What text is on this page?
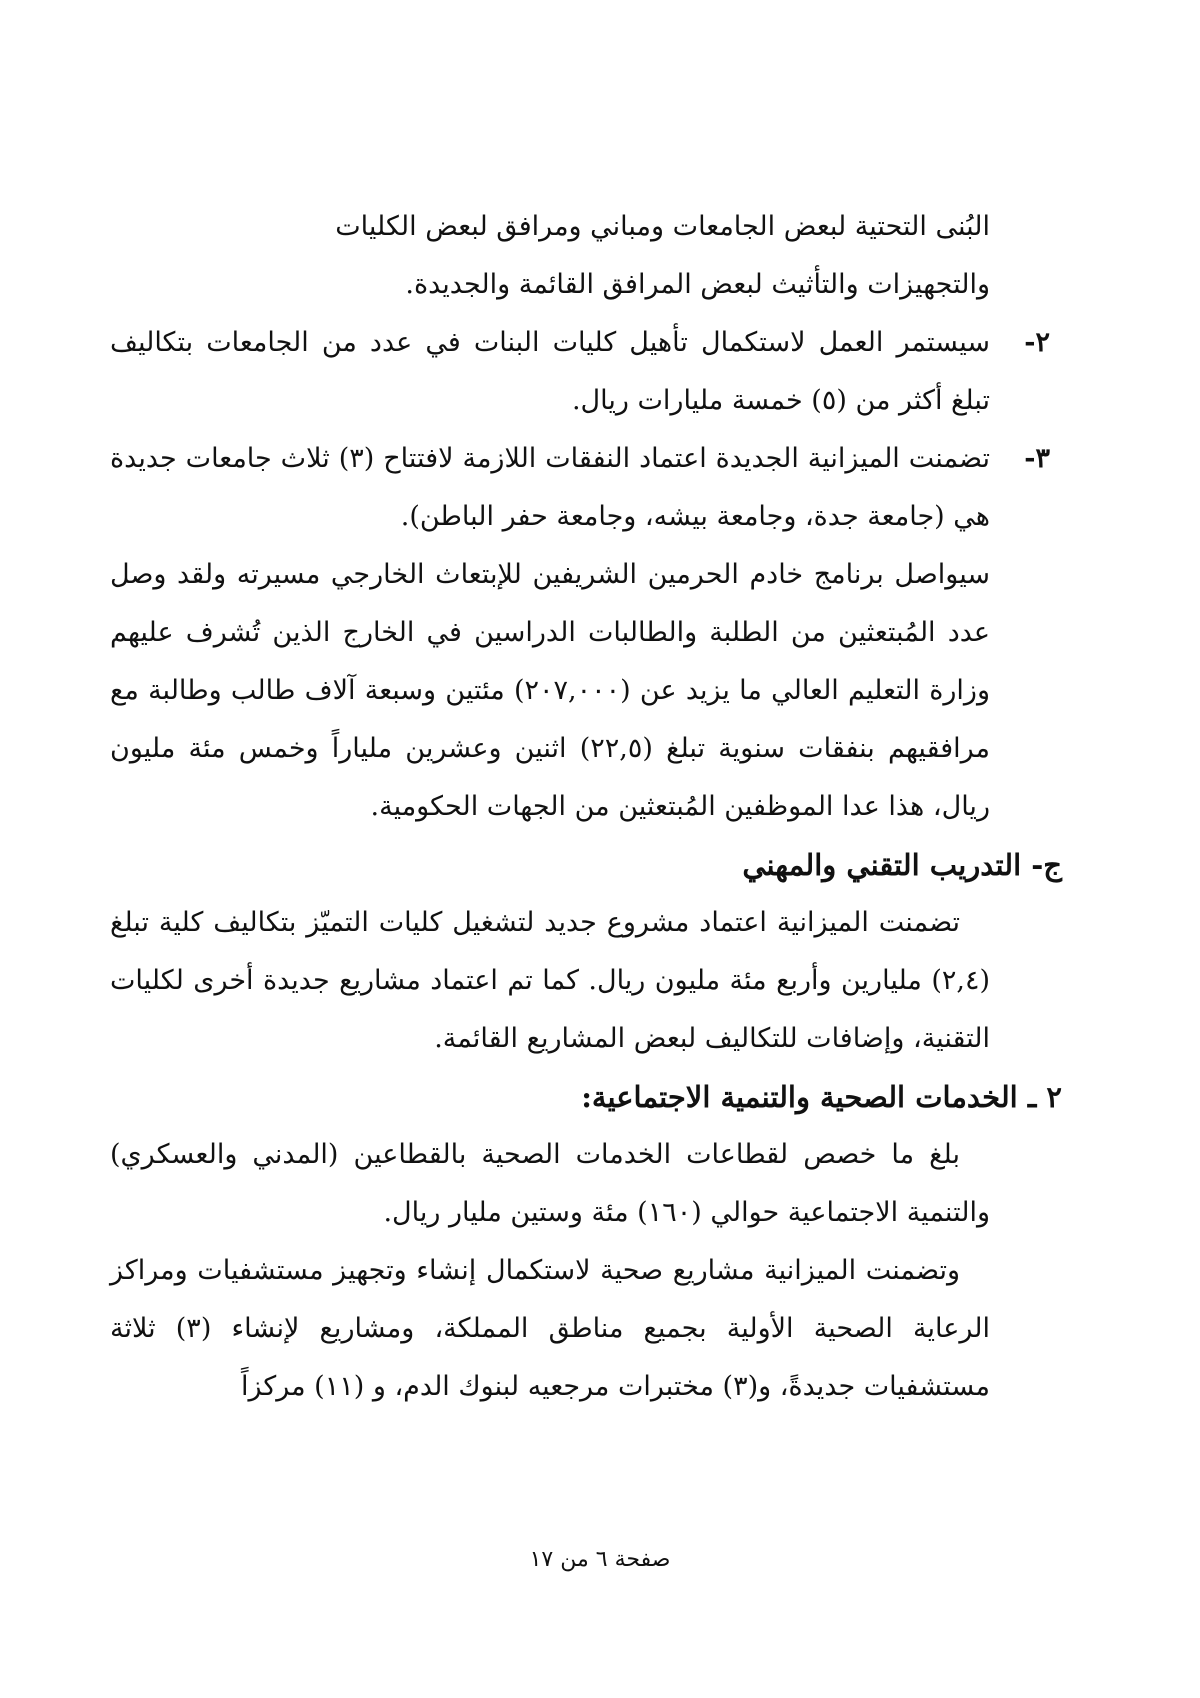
البُنى التحتية لبعض الجامعات ومباني ومرافق لبعض الكليات

والتجهيزات والتأثيث لبعض المرافق القائمة والجديدة.

٢-

سيستمر العمل لاستكمال تأهيل كليات البنات في عدد من الجامعات بتكاليف تبلغ أكثر من (٥) خمسة مليارات ريال.

٣-

تضمنت الميزانية الجديدة اعتماد النفقات اللازمة لافتتاح (٣) ثلاث جامعات جديدة هي (جامعة جدة، وجامعة بيشه، وجامعة حفر الباطن).

سيواصل برنامج خادم الحرمين الشريفين للإبتعاث الخارجي مسيرته ولقد وصل عدد المُبتعثين من الطلبة والطالبات الدراسين في الخارج الذين تُشرف عليهم وزارة التعليم العالي ما يزيد عن (٢٠٧,٠٠٠) مئتين وسبعة آلاف طالب وطالبة مع مرافقيهم بنفقات سنوية تبلغ (٢٢,٥) اثنين وعشرين ملياراً وخمس مئة مليون ريال، هذا عدا الموظفين المُبتعثين من الجهات الحكومية.

ج- التدريب التقني والمهني

تضمنت الميزانية اعتماد مشروع جديد لتشغيل كليات التميّز بتكاليف كلية تبلغ (٢,٤) مليارين وأربع مئة مليون ريال. كما تم اعتماد مشاريع جديدة أخرى لكليات التقنية، وإضافات للتكاليف لبعض المشاريع القائمة.

٢ ـ الخدمات الصحية والتنمية الاجتماعية:

بلغ ما خصص لقطاعات الخدمات الصحية بالقطاعين (المدني والعسكري) والتنمية الاجتماعية حوالي (١٦٠) مئة وستين مليار ريال.

وتضمنت الميزانية مشاريع صحية لاستكمال إنشاء وتجهيز مستشفيات ومراكز الرعاية الصحية الأولية بجميع مناطق المملكة، ومشاريع لإنشاء (٣) ثلاثة مستشفيات جديدةً، و(٣) مختبرات مرجعيه لبنوك الدم، و (١١) مركزاً

صفحة ٦ من ١٧
